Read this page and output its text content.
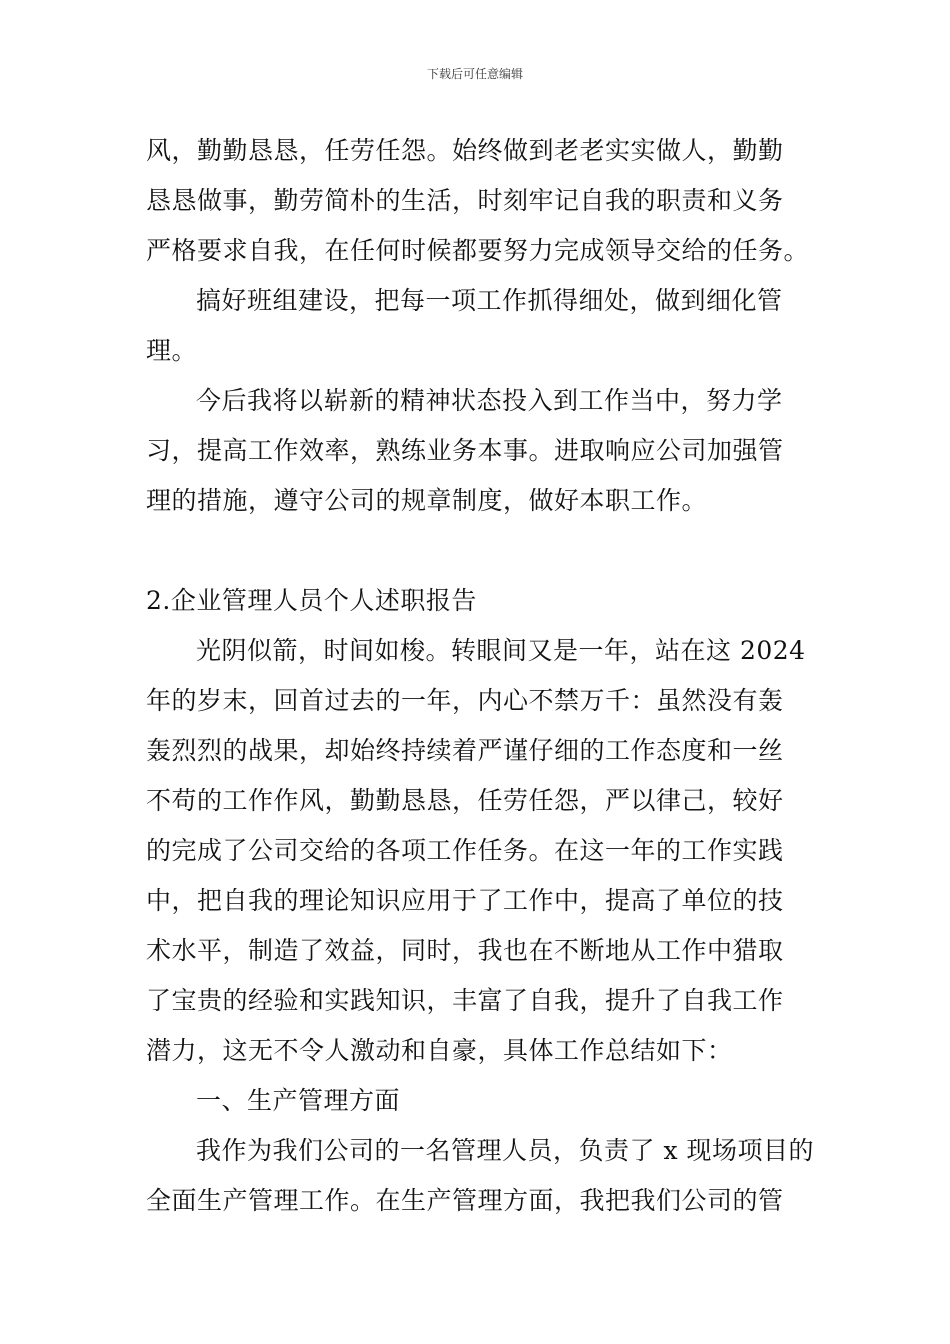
下载后可任意编辑
风，勤勤恳恳，任劳任怨。始终做到老老实实做人，勤勤
恳恳做事，勤劳简朴的生活，时刻牢记自我的职责和义务
严格要求自我，在任何时候都要努力完成领导交给的任务。
搞好班组建设，把每一项工作抓得细处，做到细化管
理。
今后我将以崭新的精神状态投入到工作当中，努力学
习，提高工作效率，熟练业务本事。进取响应公司加强管
理的措施，遵守公司的规章制度，做好本职工作。
2.企业管理人员个人述职报告
光阴似箭，时间如梭。转眼间又是一年，站在这 2024
年的岁末，回首过去的一年，内心不禁万千：虽然没有轰
轰烈烈的战果，却始终持续着严谨仔细的工作态度和一丝
不苟的工作作风，勤勤恳恳，任劳任怨，严以律己，较好
的完成了公司交给的各项工作任务。在这一年的工作实践
中，把自我的理论知识应用于了工作中，提高了单位的技
术水平，制造了效益，同时，我也在不断地从工作中猎取
了宝贵的经验和实践知识，丰富了自我，提升了自我工作
潜力，这无不令人激动和自豪，具体工作总结如下：
一、生产管理方面
我作为我们公司的一名管理人员，负责了 x 现场项目的
全面生产管理工作。在生产管理方面，我把我们公司的管
